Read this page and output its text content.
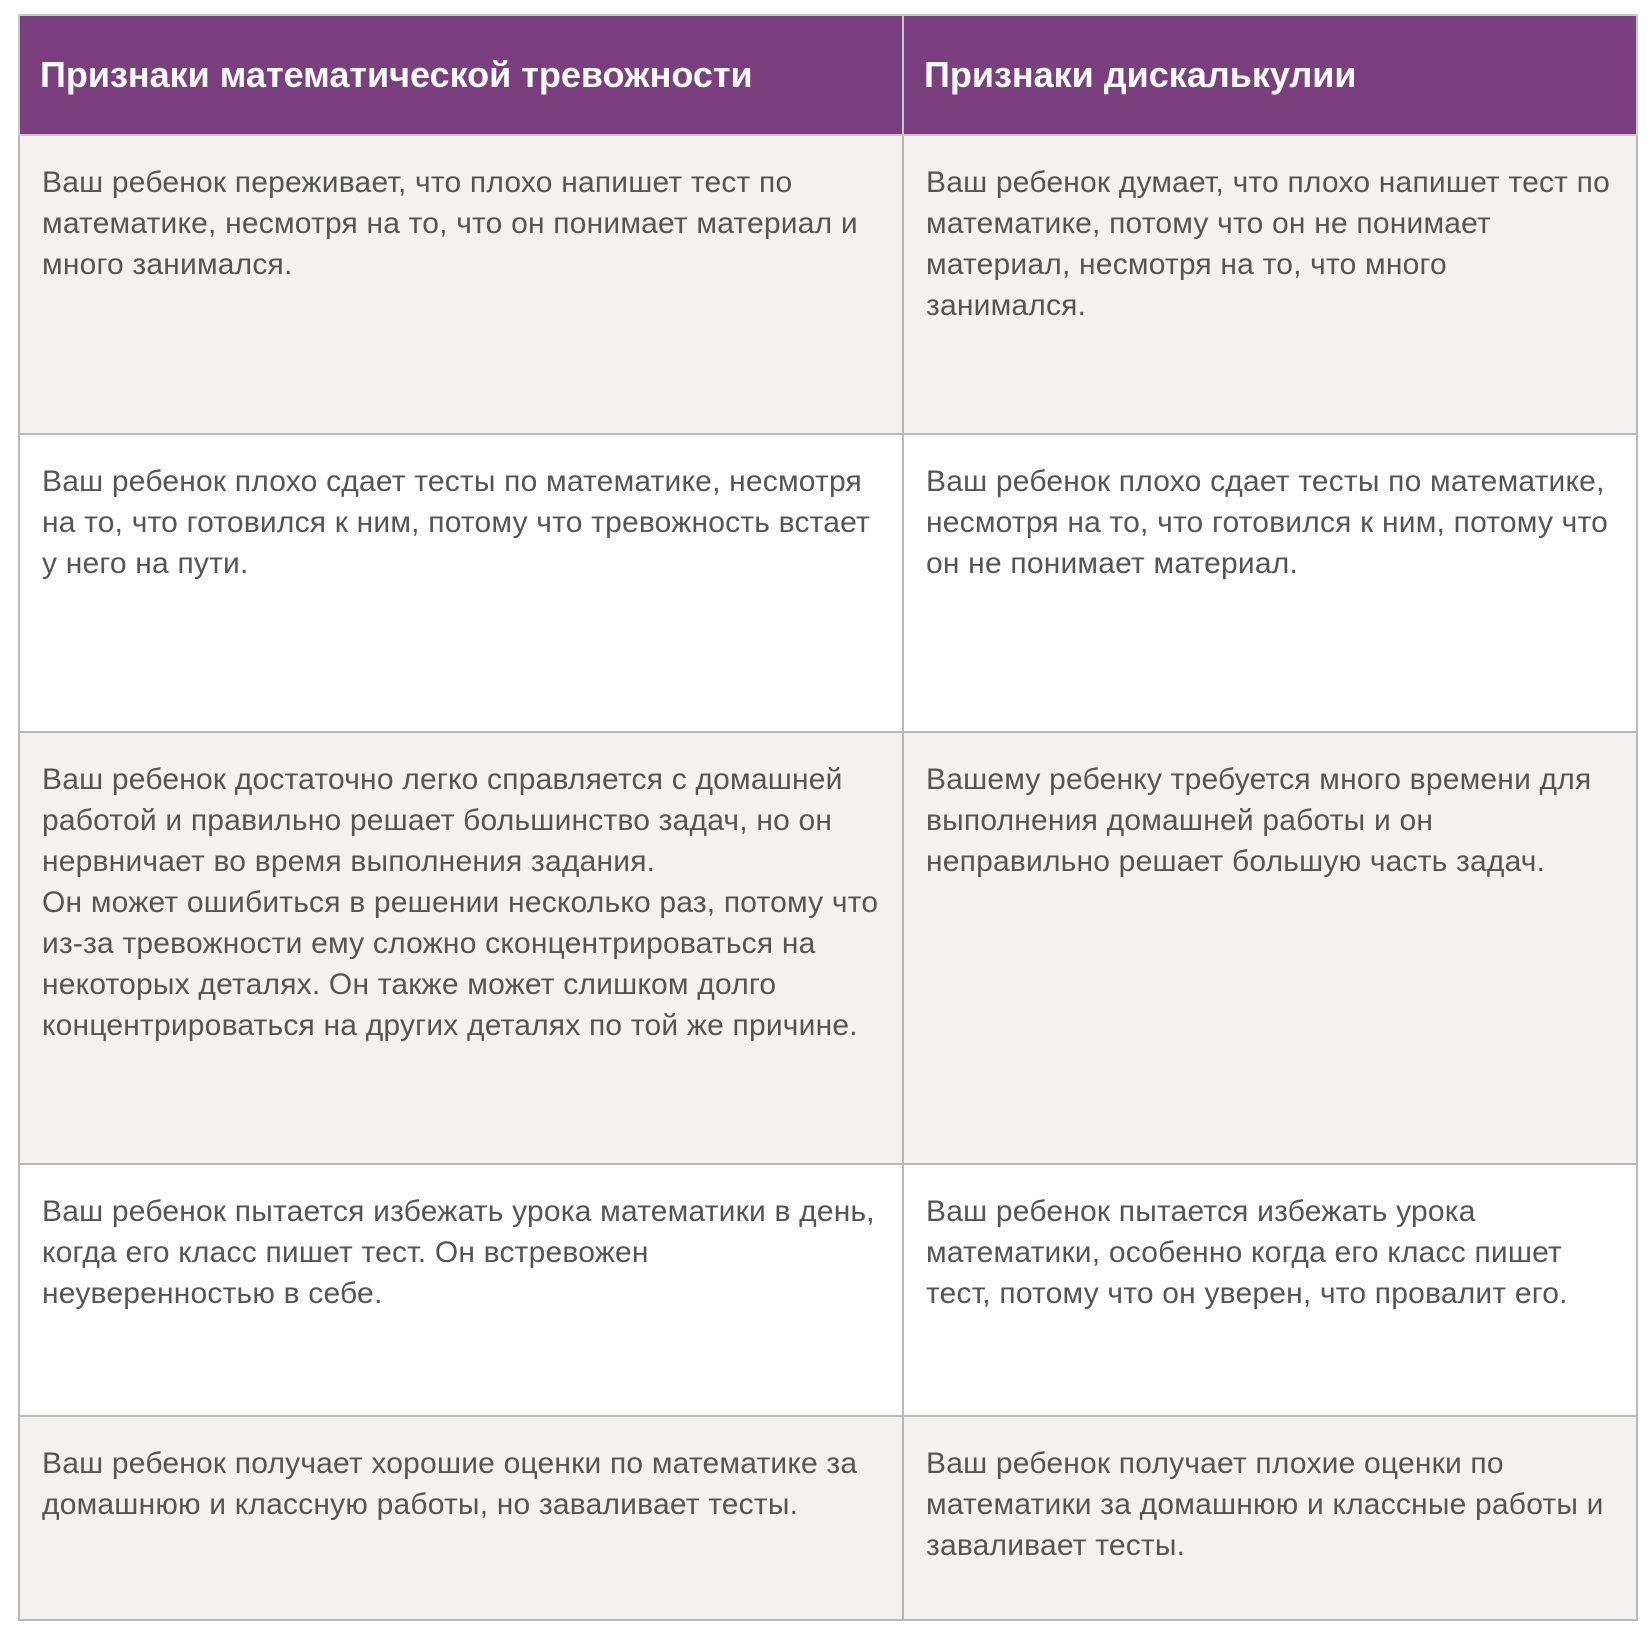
Признаки математической тревожности	Признаки дискалькулии

Ваш ребенок переживает, что плохо напишет тест по математике, несмотря на то, что он понимает материал и много занимался.	Ваш ребенок думает, что плохо напишет тест по математике, потому что он не понимает материал, несмотря на то, что много занимался.

Ваш ребенок плохо сдает тесты по математике, несмотря на то, что готовился к ним, потому что тревожность встает у него на пути.	Ваш ребенок плохо сдает тесты по математике, несмотря на то, что готовился к ним, потому что он не понимает материал.

Ваш ребенок достаточно легко справляется с домашней работой и правильно решает большинство задач, но он нервничает во время выполнения задания.
Он может ошибиться в решении несколько раз, потому что из-за тревожности ему сложно сконцентрироваться на некоторых деталях. Он также может слишком долго концентрироваться на других деталях по той же причине.	Вашему ребенку требуется много времени для выполнения домашней работы и он неправильно решает большую часть задач.

Ваш ребенок пытается избежать урока математики в день, когда его класс пишет тест. Он встревожен неуверенностью в себе.	Ваш ребенок пытается избежать урока математики, особенно когда его класс пишет тест, потому что он уверен, что провалит его.

Ваш ребенок получает хорошие оценки по математике за домашнюю и классную работы, но заваливает тесты.	Ваш ребенок получает плохие оценки по математики за домашнюю и классные работы и заваливает тесты.
